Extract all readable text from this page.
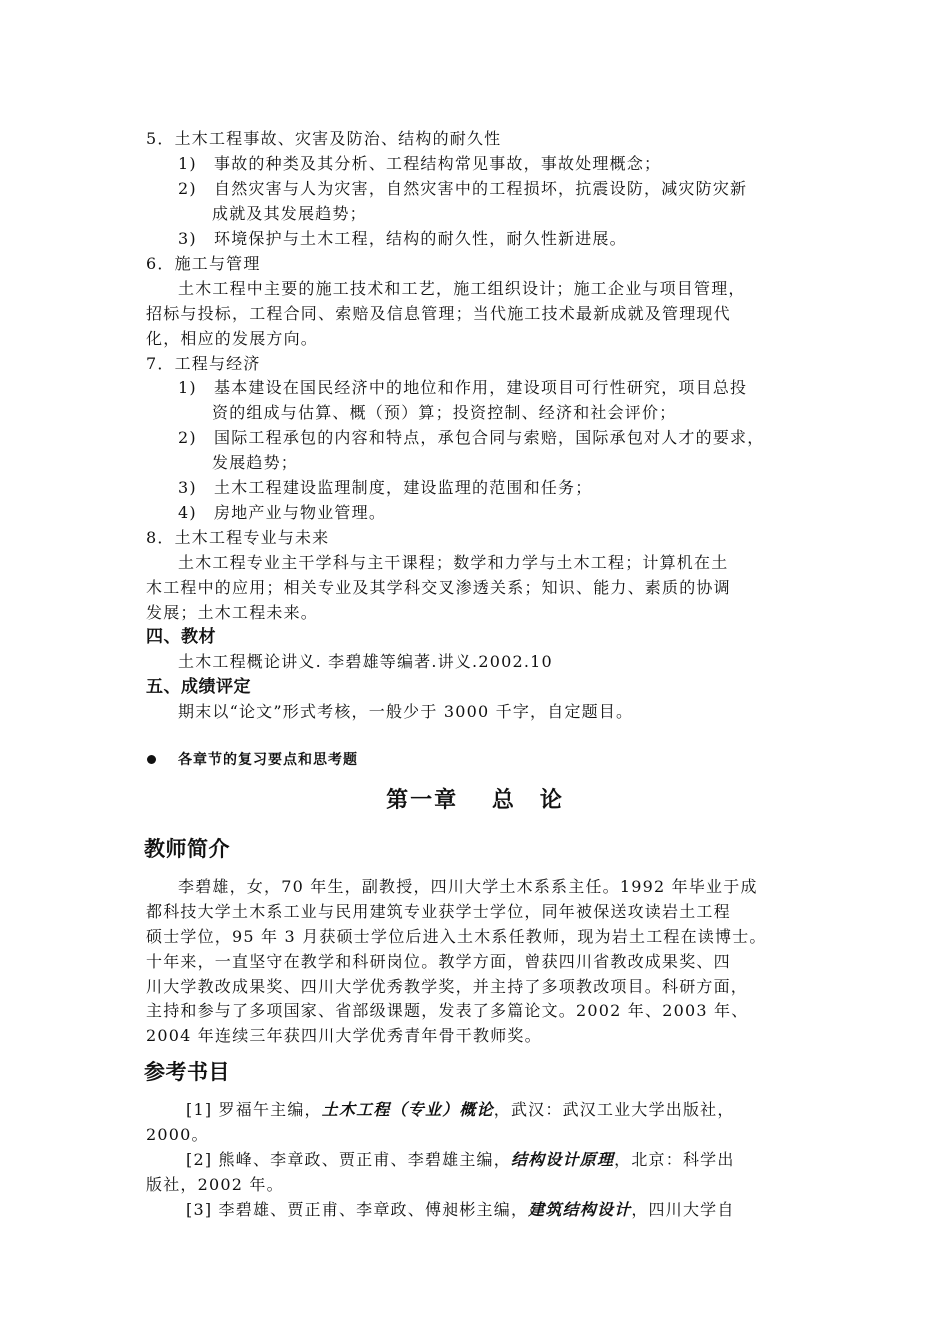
5．土木工程事故、灾害及防治、结构的耐久性
1)　事故的种类及其分析、工程结构常见事故，事故处理概念；
2)　自然灾害与人为灾害，自然灾害中的工程损坏，抗震设防，减灾防灾新
成就及其发展趋势；
3)　环境保护与土木工程，结构的耐久性，耐久性新进展。
6．施工与管理
土木工程中主要的施工技术和工艺，施工组织设计；施工企业与项目管理，
招标与投标，工程合同、索赔及信息管理；当代施工技术最新成就及管理现代
化，相应的发展方向。
7．工程与经济
1)　基本建设在国民经济中的地位和作用，建设项目可行性研究，项目总投
资的组成与估算、概（预）算；投资控制、经济和社会评价；
2)　国际工程承包的内容和特点，承包合同与索赔，国际承包对人才的要求，
发展趋势；
3)　土木工程建设监理制度，建设监理的范围和任务；
4)　房地产业与物业管理。
8．土木工程专业与未来
土木工程专业主干学科与主干课程；数学和力学与土木工程；计算机在土
木工程中的应用；相关专业及其学科交叉渗透关系；知识、能力、素质的协调
发展；土木工程未来。
四、教材
土木工程概论讲义. 李碧雄等编著.讲义.2002.10
五、成绩评定
期末以“论文”形式考核，一般少于 3000 千字，自定题目。
各章节的复习要点和思考题
第一章　 总　论
教师简介
李碧雄，女，70 年生，副教授，四川大学土木系系主任。1992 年毕业于成
都科技大学土木系工业与民用建筑专业获学士学位，同年被保送攻读岩土工程
硕士学位，95 年 3 月获硕士学位后进入土木系任教师，现为岩土工程在读博士。
十年来，一直坚守在教学和科研岗位。教学方面，曾获四川省教改成果奖、四
川大学教改成果奖、四川大学优秀教学奖，并主持了多项教改项目。科研方面，
主持和参与了多项国家、省部级课题，发表了多篇论文。2002 年、2003 年、
2004 年连续三年获四川大学优秀青年骨干教师奖。
参考书目
[1] 罗福午主编，土木工程（专业）概论，武汉：武汉工业大学出版社，
2000。
[2] 熊峰、李章政、贾正甫、李碧雄主编，结构设计原理，北京：科学出
版社，2002 年。
[3] 李碧雄、贾正甫、李章政、傅昶彬主编，建筑结构设计，四川大学自
